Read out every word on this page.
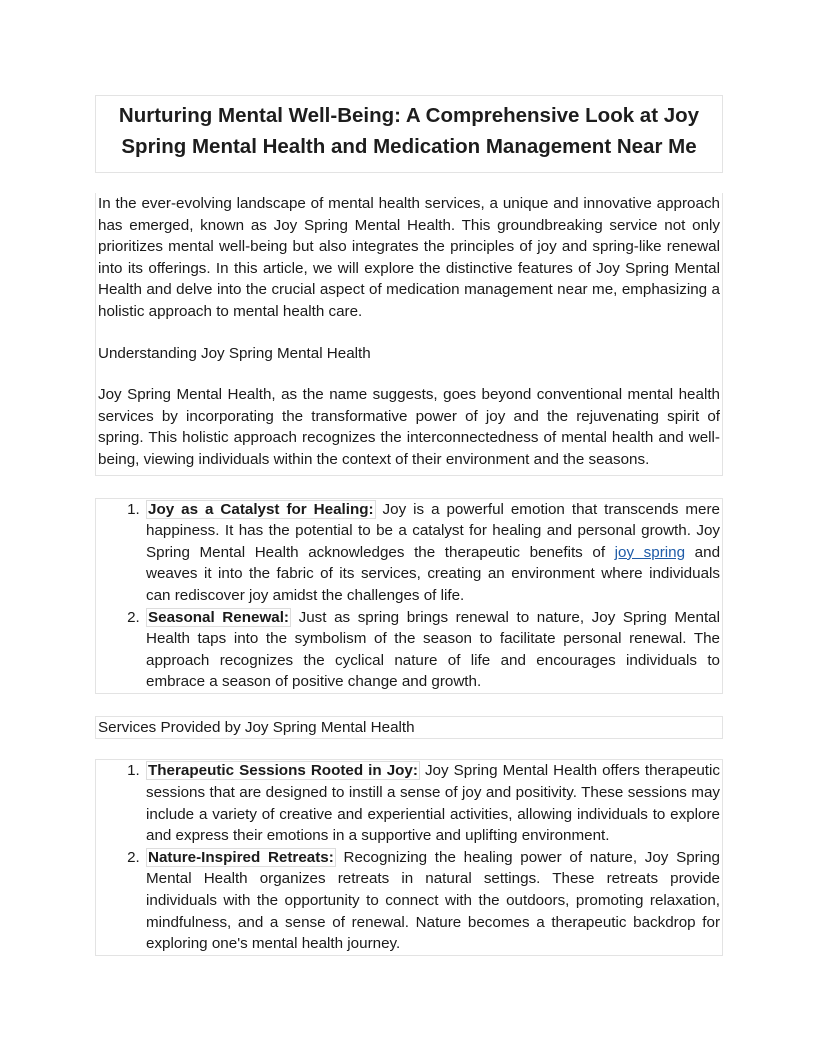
Nurturing Mental Well-Being: A Comprehensive Look at Joy Spring Mental Health and Medication Management Near Me

In the ever-evolving landscape of mental health services, a unique and innovative approach has emerged, known as Joy Spring Mental Health. This groundbreaking service not only prioritizes mental well-being but also integrates the principles of joy and spring-like renewal into its offerings. In this article, we will explore the distinctive features of Joy Spring Mental Health and delve into the crucial aspect of medication management near me, emphasizing a holistic approach to mental health care.

Understanding Joy Spring Mental Health

Joy Spring Mental Health, as the name suggests, goes beyond conventional mental health services by incorporating the transformative power of joy and the rejuvenating spirit of spring. This holistic approach recognizes the interconnectedness of mental health and well-being, viewing individuals within the context of their environment and the seasons.

1. Joy as a Catalyst for Healing: Joy is a powerful emotion that transcends mere happiness. It has the potential to be a catalyst for healing and personal growth. Joy Spring Mental Health acknowledges the therapeutic benefits of joy spring and weaves it into the fabric of its services, creating an environment where individuals can rediscover joy amidst the challenges of life.
2. Seasonal Renewal: Just as spring brings renewal to nature, Joy Spring Mental Health taps into the symbolism of the season to facilitate personal renewal. The approach recognizes the cyclical nature of life and encourages individuals to embrace a season of positive change and growth.
Services Provided by Joy Spring Mental Health
1. Therapeutic Sessions Rooted in Joy: Joy Spring Mental Health offers therapeutic sessions that are designed to instill a sense of joy and positivity. These sessions may include a variety of creative and experiential activities, allowing individuals to explore and express their emotions in a supportive and uplifting environment.
2. Nature-Inspired Retreats: Recognizing the healing power of nature, Joy Spring Mental Health organizes retreats in natural settings. These retreats provide individuals with the opportunity to connect with the outdoors, promoting relaxation, mindfulness, and a sense of renewal. Nature becomes a therapeutic backdrop for exploring one's mental health journey.
